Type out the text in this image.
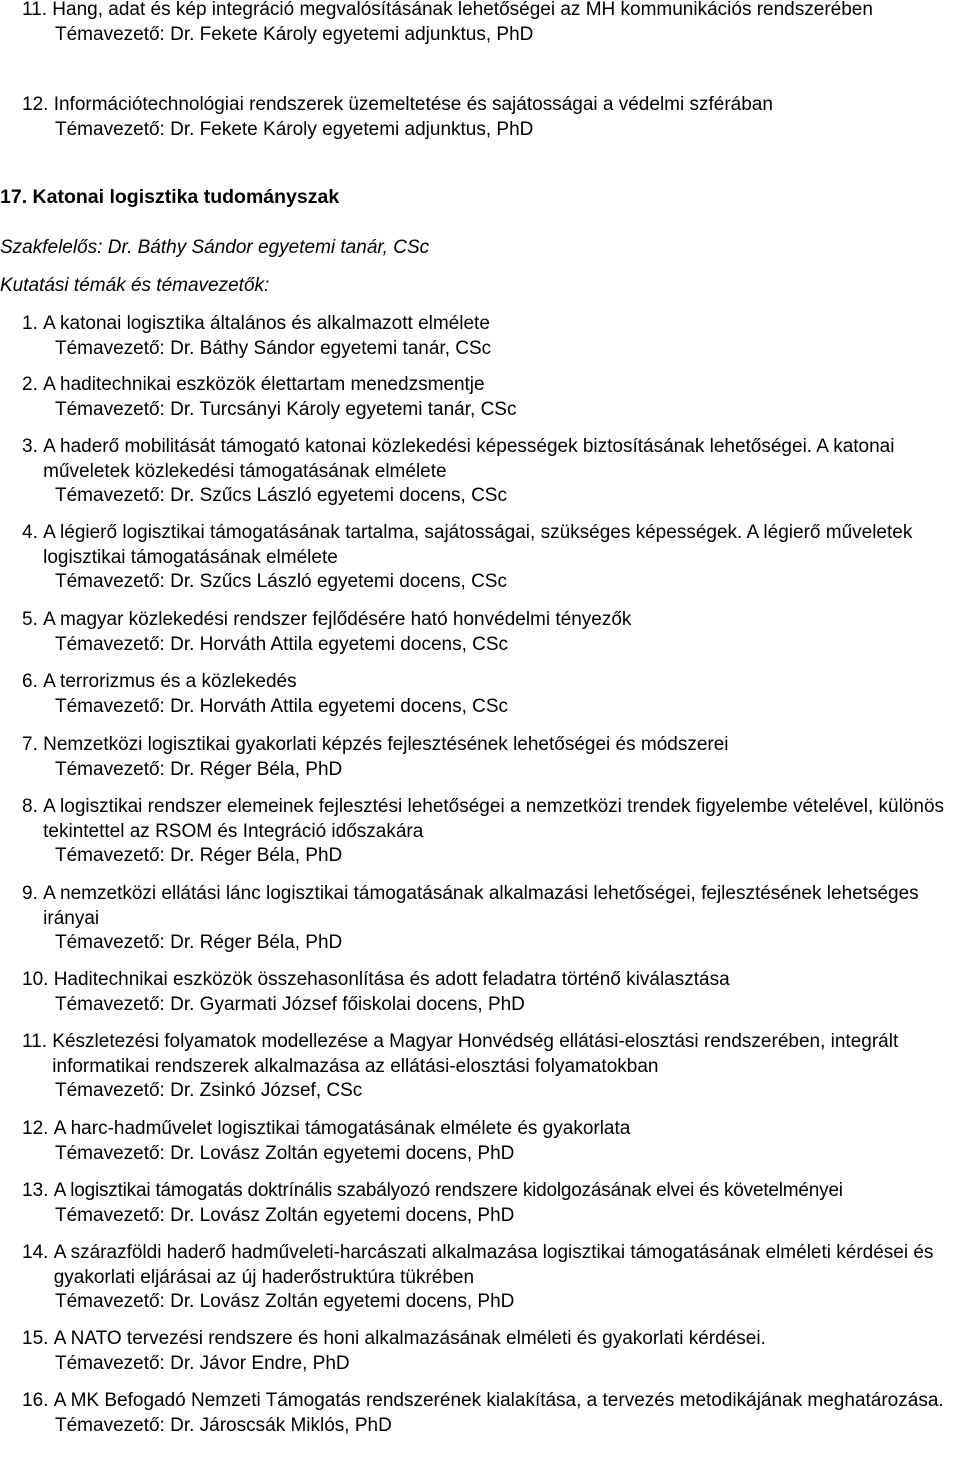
11.
Hang, adat és kép integráció megvalósításának lehetőségei az MH kommunikációs rendszerében
Témavezető: Dr. Fekete Károly egyetemi adjunktus, PhD
12.
Információtechnológiai rendszerek üzemeltetése és sajátosságai a védelmi szférában
Témavezető: Dr. Fekete Károly egyetemi adjunktus, PhD
17. Katonai logisztika tudományszak
Szakfelelős: Dr. Báthy Sándor egyetemi tanár, CSc
Kutatási témák és témavezetők:
1.
A katonai logisztika általános és alkalmazott elmélete
Témavezető: Dr. Báthy Sándor egyetemi tanár, CSc
2.
A haditechnikai eszközök élettartam menedzsmentje
Témavezető: Dr. Turcsányi Károly egyetemi tanár, CSc
3.
A haderő mobilitását támogató katonai közlekedési képességek biztosításának lehetőségei. A katonai műveletek közlekedési támogatásának elmélete
Témavezető: Dr. Szűcs László egyetemi docens, CSc
4.
A légierő logisztikai támogatásának tartalma, sajátosságai, szükséges képességek. A légierő műveletek logisztikai támogatásának elmélete
Témavezető: Dr. Szűcs László egyetemi docens, CSc
5.
A magyar közlekedési rendszer fejlődésére ható honvédelmi tényezők
Témavezető: Dr. Horváth Attila egyetemi docens, CSc
6.
A terrorizmus és a közlekedés
Témavezető: Dr. Horváth Attila egyetemi docens, CSc
7.
Nemzetközi logisztikai gyakorlati képzés fejlesztésének lehetőségei és módszerei
Témavezető: Dr. Réger Béla, PhD
8.
A logisztikai rendszer elemeinek fejlesztési lehetőségei a nemzetközi trendek figyelembe vételével, különös tekintettel az RSOM és Integráció időszakára
Témavezető: Dr. Réger Béla, PhD
9.
A nemzetközi ellátási lánc logisztikai támogatásának alkalmazási lehetőségei, fejlesztésének lehetséges irányai
Témavezető: Dr. Réger Béla, PhD
10.
Haditechnikai eszközök összehasonlítása és adott feladatra történő kiválasztása
Témavezető: Dr. Gyarmati József főiskolai docens, PhD
11.
Készletezési folyamatok modellezése a Magyar Honvédség ellátási-elosztási rendszerében, integrált informatikai rendszerek alkalmazása az ellátási-elosztási folyamatokban
Témavezető: Dr. Zsinkó József, CSc
12.
A harc-hadművelet logisztikai támogatásának elmélete és gyakorlata
Témavezető: Dr. Lovász Zoltán egyetemi docens, PhD
13.
A logisztikai támogatás doktrínális szabályozó rendszere kidolgozásának elvei és követelményei
Témavezető: Dr. Lovász Zoltán egyetemi docens, PhD
14.
A szárazföldi haderő hadműveleti-harcászati alkalmazása logisztikai támogatásának elméleti kérdései és gyakorlati eljárásai az új haderőstruktúra tükrében
Témavezető: Dr. Lovász Zoltán egyetemi docens, PhD
15.
A NATO tervezési rendszere és honi alkalmazásának elméleti és gyakorlati kérdései.
Témavezető: Dr. Jávor Endre, PhD
16.
A MK Befogadó Nemzeti Támogatás rendszerének kialakítása, a tervezés metodikájának meghatározása.
Témavezető: Dr. Jároscsák Miklós, PhD
